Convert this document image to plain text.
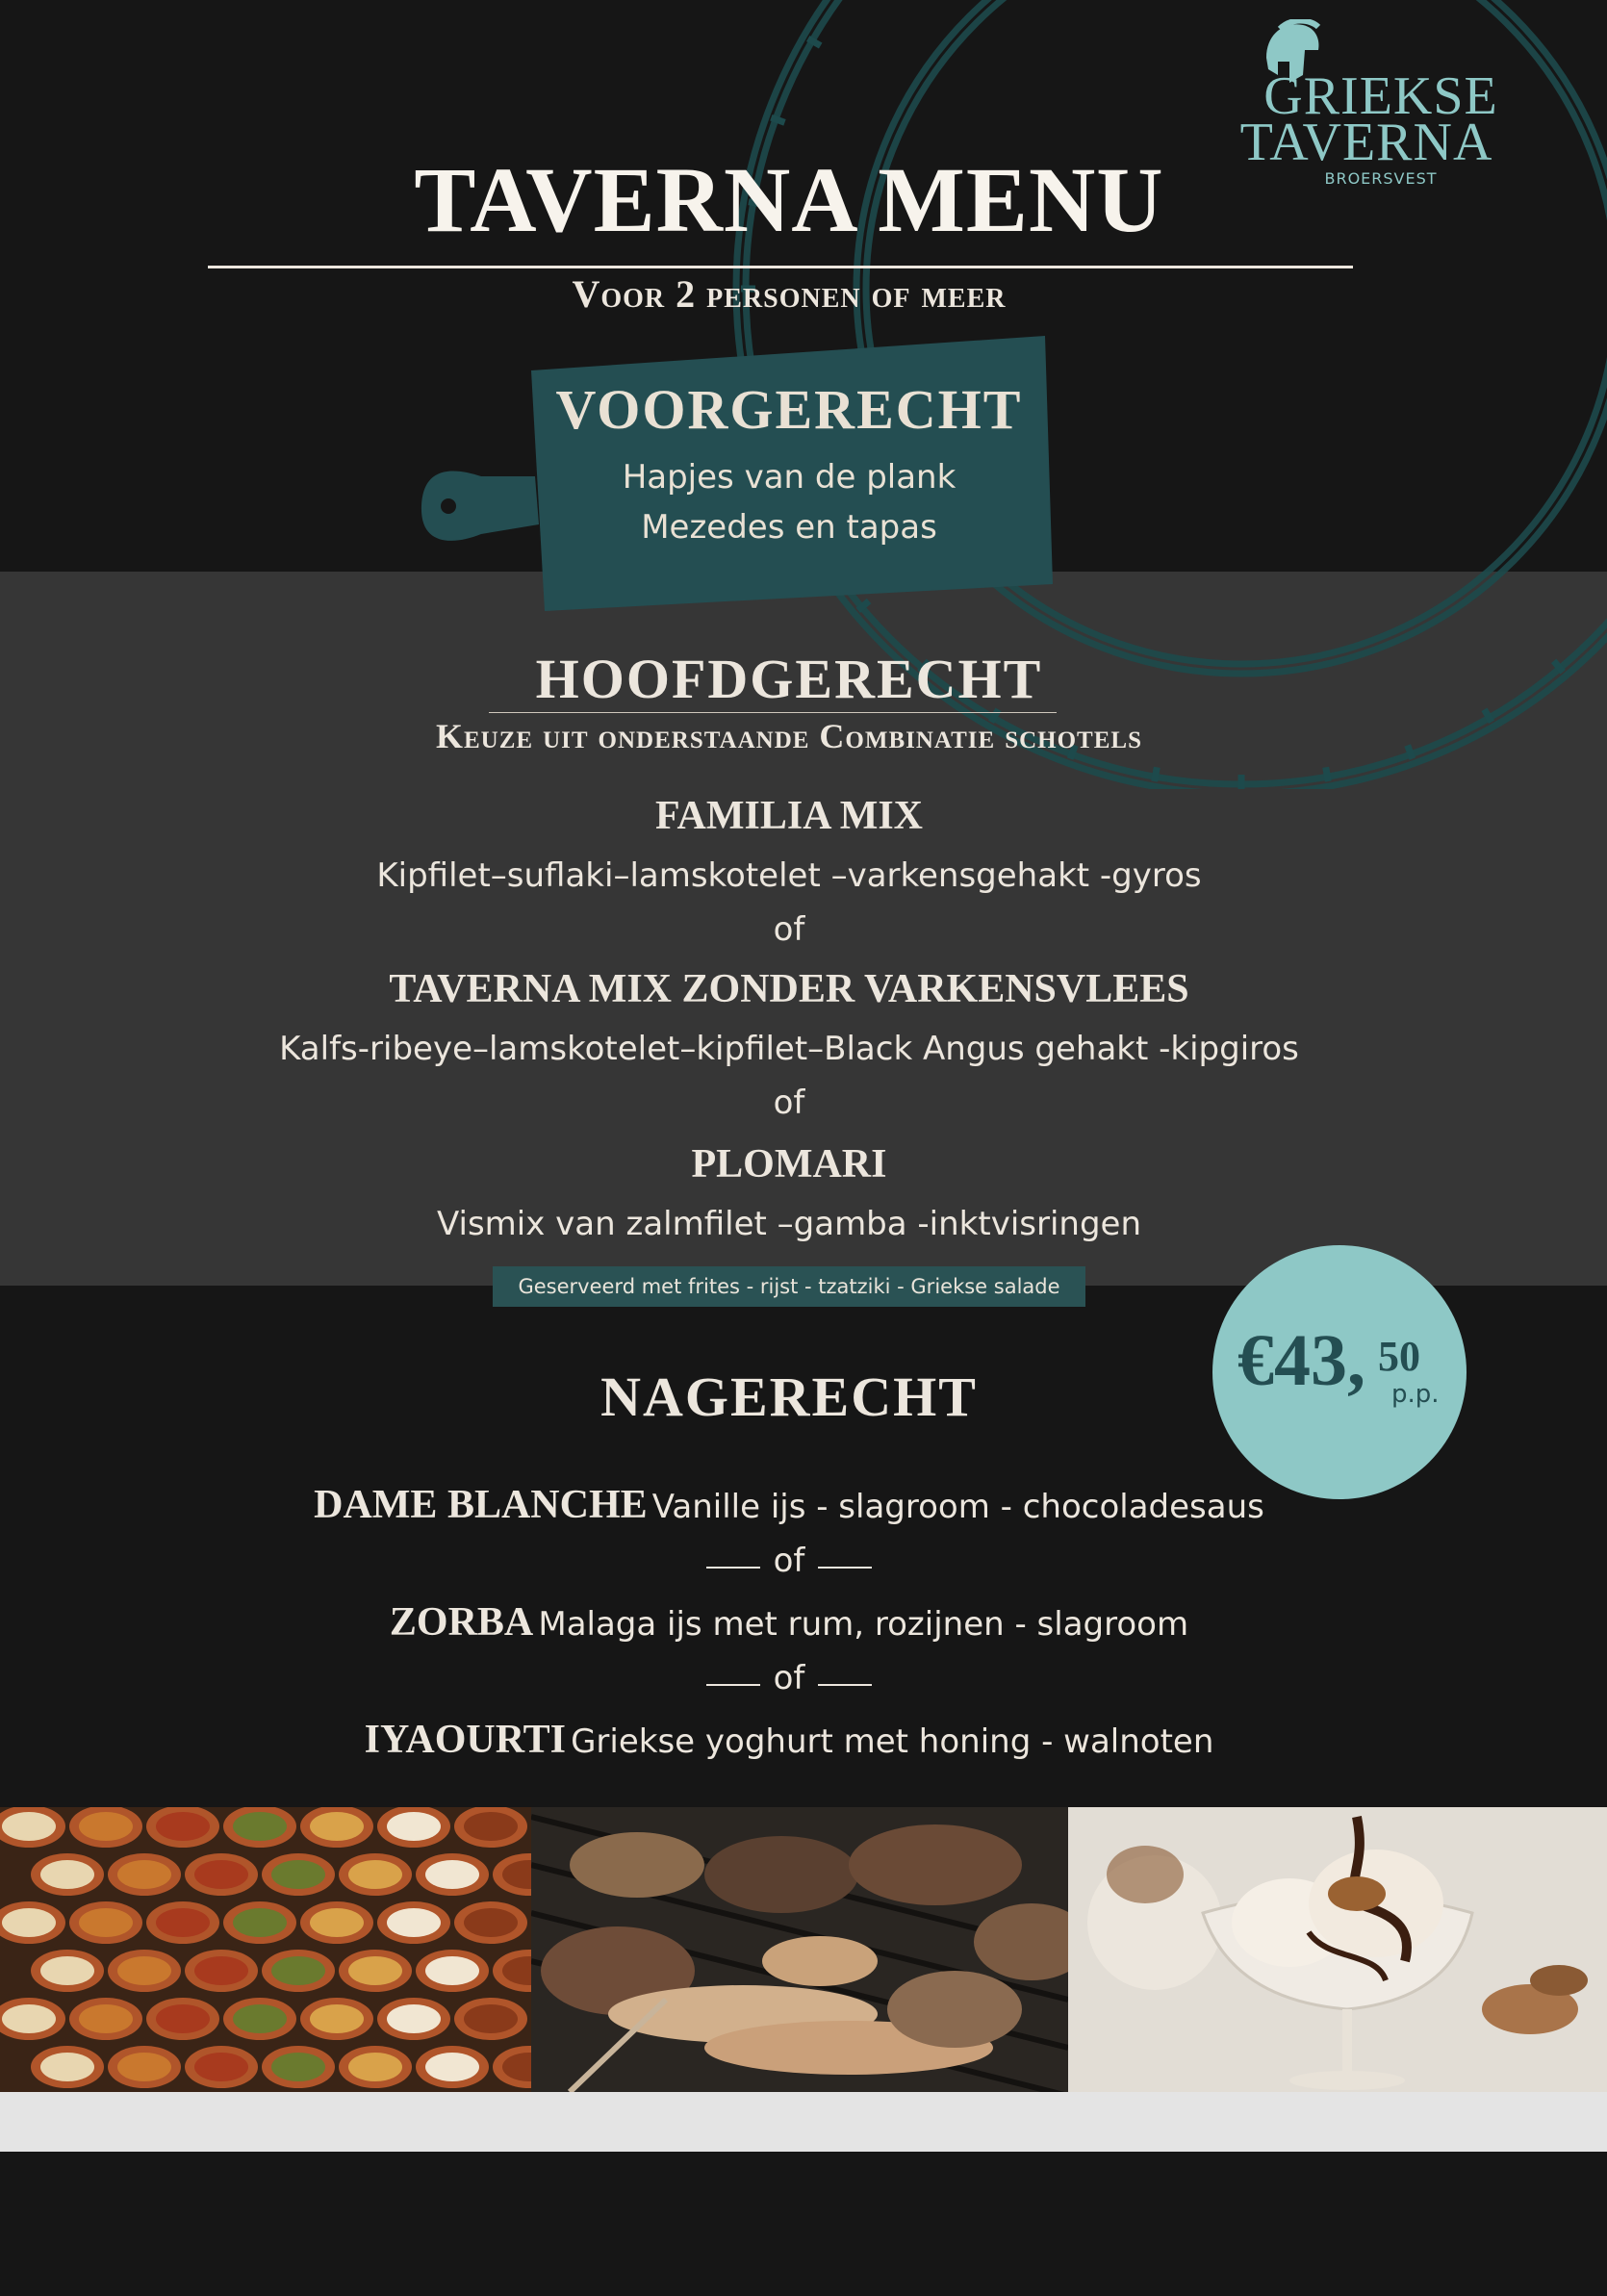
GRIEKSE
TAVERNA
BROERSVEST
TAVERNA MENU
Voor 2 personen of meer
VOORGERECHT
Hapjes van de plank
Mezedes en tapas
HOOFDGERECHT
Keuze uit onderstaande Combinatie schotels
FAMILIA MIX
Kipfilet–suflaki–lamskotelet –varkensgehakt -gyros
of
TAVERNA MIX ZONDER VARKENSVLEES
Kalfs-ribeye–lamskotelet–kipfilet–Black Angus gehakt -kipgiros
of
PLOMARI
Vismix van zalmfilet –gamba -inktvisringen
Geserveerd met frites - rijst - tzatziki - Griekse salade
€43, 50
p.p.
NAGERECHT
DAME BLANCHE Vanille ijs - slagroom - chocoladesaus
of
ZORBA Malaga ijs met rum, rozijnen - slagroom
of
IYAOURTI Griekse yoghurt met honing - walnoten
